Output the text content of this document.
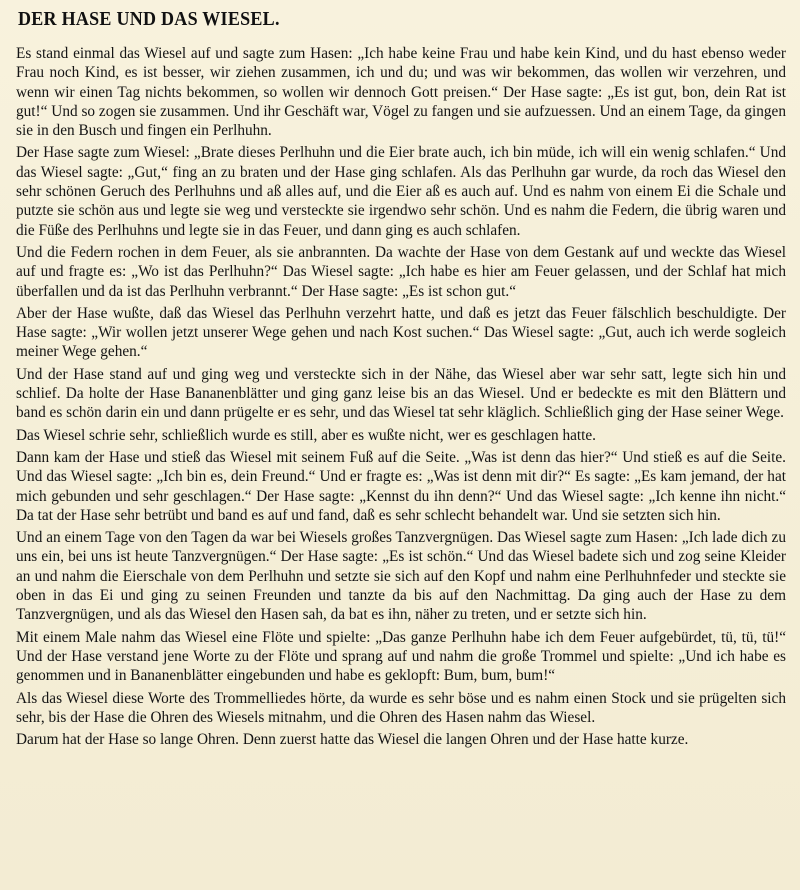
DER HASE UND DAS WIESEL.

Es stand einmal das Wiesel auf und sagte zum Hasen: „Ich habe keine Frau und habe kein Kind, und du hast ebenso weder Frau noch Kind, es ist besser, wir ziehen zusammen, ich und du; und was wir bekommen, das wollen wir verzehren, und wenn wir einen Tag nichts bekommen, so wollen wir dennoch Gott preisen.“ Der Hase sagte: „Es ist gut, bon, dein Rat ist gut!“ Und so zogen sie zusammen. Und ihr Geschäft war, Vögel zu fangen und sie aufzuessen. Und an einem Tage, da gingen sie in den Busch und fingen ein Perlhuhn.

Der Hase sagte zum Wiesel: „Brate dieses Perlhuhn und die Eier brate auch, ich bin müde, ich will ein wenig schlafen.“ Und das Wiesel sagte: „Gut,“ fing an zu braten und der Hase ging schlafen. Als das Perlhuhn gar wurde, da roch das Wiesel den sehr schönen Geruch des Perlhuhns und aß alles auf, und die Eier aß es auch auf. Und es nahm von einem Ei die Schale und putzte sie schön aus und legte sie weg und versteckte sie irgendwo sehr schön. Und es nahm die Federn, die übrig waren und die Füße des Perlhuhns und legte sie in das Feuer, und dann ging es auch schlafen.

Und die Federn rochen in dem Feuer, als sie anbrannten. Da wachte der Hase von dem Gestank auf und weckte das Wiesel auf und fragte es: „Wo ist das Perlhuhn?“ Das Wiesel sagte: „Ich habe es hier am Feuer gelassen, und der Schlaf hat mich überfallen und da ist das Perlhuhn verbrannt.“ Der Hase sagte: „Es ist schon gut.“

Aber der Hase wußte, daß das Wiesel das Perlhuhn verzehrt hatte, und daß es jetzt das Feuer fälschlich beschuldigte. Der Hase sagte: „Wir wollen jetzt unserer Wege gehen und nach Kost suchen.“ Das Wiesel sagte: „Gut, auch ich werde sogleich meiner Wege gehen.“

Und der Hase stand auf und ging weg und versteckte sich in der Nähe, das Wiesel aber war sehr satt, legte sich hin und schlief. Da holte der Hase Bananenblätter und ging ganz leise bis an das Wiesel. Und er bedeckte es mit den Blättern und band es schön darin ein und dann prügelte er es sehr, und das Wiesel tat sehr kläglich. Schließlich ging der Hase seiner Wege.

Das Wiesel schrie sehr, schließlich wurde es still, aber es wußte nicht, wer es geschlagen hatte.

Dann kam der Hase und stieß das Wiesel mit seinem Fuß auf die Seite. „Was ist denn das hier?“ Und stieß es auf die Seite. Und das Wiesel sagte: „Ich bin es, dein Freund.“ Und er fragte es: „Was ist denn mit dir?“ Es sagte: „Es kam jemand, der hat mich gebunden und sehr geschlagen.“ Der Hase sagte: „Kennst du ihn denn?“ Und das Wiesel sagte: „Ich kenne ihn nicht.“ Da tat der Hase sehr betrübt und band es auf und fand, daß es sehr schlecht behandelt war. Und sie setzten sich hin.

Und an einem Tage von den Tagen da war bei Wiesels großes Tanzvergnügen. Das Wiesel sagte zum Hasen: „Ich lade dich zu uns ein, bei uns ist heute Tanzvergnügen.“ Der Hase sagte: „Es ist schön.“ Und das Wiesel badete sich und zog seine Kleider an und nahm die Eierschale von dem Perlhuhn und setzte sie sich auf den Kopf und nahm eine Perlhuhnfeder und steckte sie oben in das Ei und ging zu seinen Freunden und tanzte da bis auf den Nachmittag. Da ging auch der Hase zu dem Tanzvergnügen, und als das Wiesel den Hasen sah, da bat es ihn, näher zu treten, und er setzte sich hin.

Mit einem Male nahm das Wiesel eine Flöte und spielte: „Das ganze Perlhuhn habe ich dem Feuer aufgebürdet, tü, tü, tü!“ Und der Hase verstand jene Worte zu der Flöte und sprang auf und nahm die große Trommel und spielte: „Und ich habe es genommen und in Bananenblätter eingebunden und habe es geklopft: Bum, bum, bum!“

Als das Wiesel diese Worte des Trommelliedes hörte, da wurde es sehr böse und es nahm einen Stock und sie prügelten sich sehr, bis der Hase die Ohren des Wiesels mitnahm, und die Ohren des Hasen nahm das Wiesel.

Darum hat der Hase so lange Ohren. Denn zuerst hatte das Wiesel die langen Ohren und der Hase hatte kurze.
